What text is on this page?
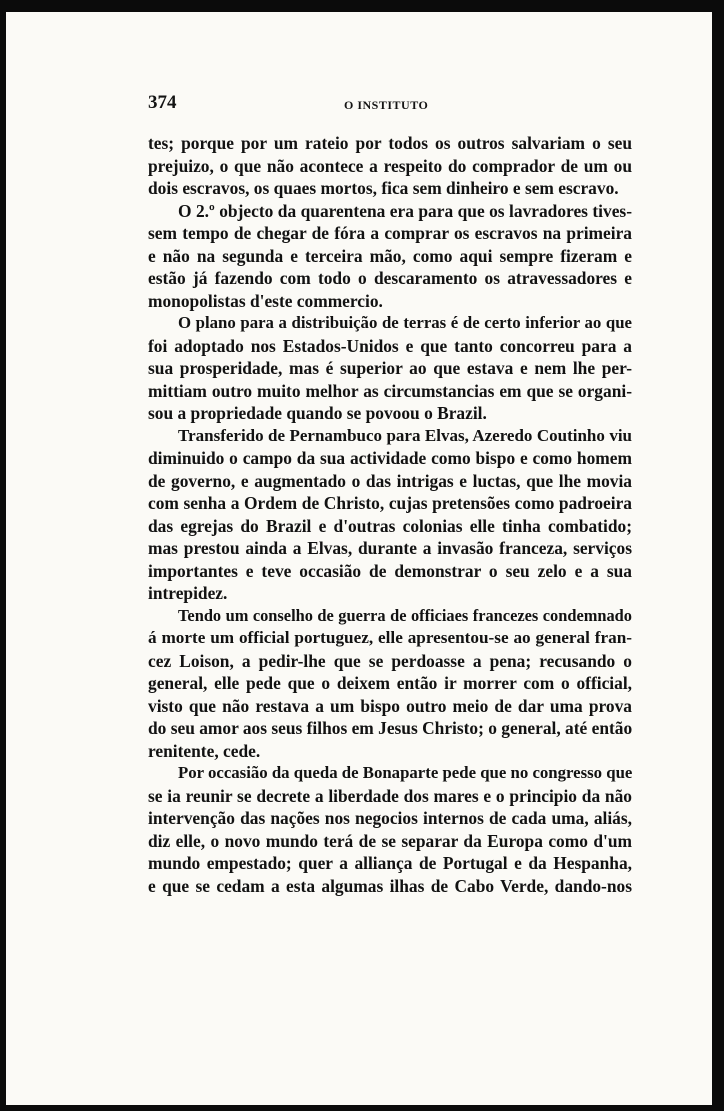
374	O INSTITUTO
tes; porque por um rateio por todos os outros salvariam o seu
prejuizo, o que não acontece a respeito do comprador de um ou
dois escravos, os quaes mortos, fica sem dinheiro e sem escravo.
O 2.º objecto da quarentena era para que os lavradores tives-
sem tempo de chegar de fóra a comprar os escravos na primeira
e não na segunda e terceira mão, como aqui sempre fizeram e
estão já fazendo com todo o descaramento os atravessadores e
monopolistas d'este commercio.
O plano para a distribuição de terras é de certo inferior ao que
foi adoptado nos Estados-Unidos e que tanto concorreu para a
sua prosperidade, mas é superior ao que estava e nem lhe per-
mittiam outro muito melhor as circumstancias em que se organi-
sou a propriedade quando se povoou o Brazil.
Transferido de Pernambuco para Elvas, Azeredo Coutinho viu
diminuido o campo da sua actividade como bispo e como homem
de governo, e augmentado o das intrigas e luctas, que lhe movia
com senha a Ordem de Christo, cujas pretensões como padroeira
das egrejas do Brazil e d'outras colonias elle tinha combatido;
mas prestou ainda a Elvas, durante a invasão franceza, serviços
importantes e teve occasião de demonstrar o seu zelo e a sua
intrepidez.
Tendo um conselho de guerra de officiaes francezes condemnado
á morte um official portuguez, elle apresentou-se ao general fran-
cez Loison, a pedir-lhe que se perdoasse a pena; recusando o
general, elle pede que o deixem então ir morrer com o official,
visto que não restava a um bispo outro meio de dar uma prova
do seu amor aos seus filhos em Jesus Christo; o general, até então
renitente, cede.
Por occasião da queda de Bonaparte pede que no congresso que
se ia reunir se decrete a liberdade dos mares e o principio da não
intervenção das nações nos negocios internos de cada uma, aliás,
diz elle, o novo mundo terá de se separar da Europa como d'um
mundo empestado; quer a alliança de Portugal e da Hespanha,
e que se cedam a esta algumas ilhas de Cabo Verde, dando-nos
